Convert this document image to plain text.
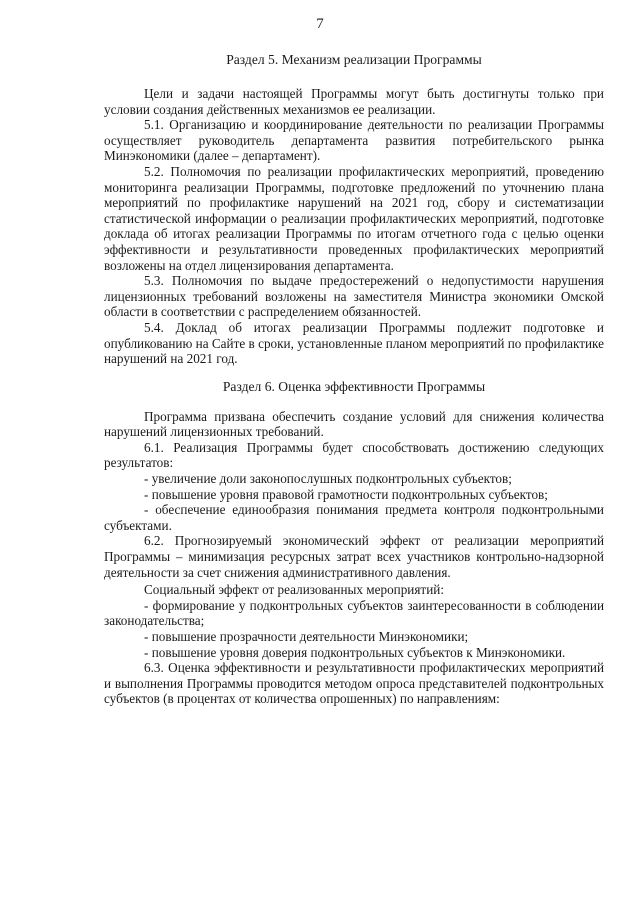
7
Раздел 5. Механизм реализации Программы

Цели и задачи настоящей Программы могут быть достигнуты только при условии создания действенных механизмов ее реализации.

5.1. Организацию и координирование деятельности по реализации Программы осуществляет руководитель департамента развития потребительского рынка Минэкономики (далее – департамент).

5.2. Полномочия по реализации профилактических мероприятий, проведению мониторинга реализации Программы, подготовке предложений по уточнению плана мероприятий по профилактике нарушений на 2021 год, сбору и систематизации статистической информации о реализации профилактических мероприятий, подготовке доклада об итогах реализации Программы по итогам отчетного года с целью оценки эффективности и результативности проведенных профилактических мероприятий возложены на отдел лицензирования департамента.

5.3. Полномочия по выдаче предостережений о недопустимости нарушения лицензионных требований возложены на заместителя Министра экономики Омской области в соответствии с распределением обязанностей.

5.4. Доклад об итогах реализации Программы подлежит подготовке и опубликованию на Сайте в сроки, установленные планом мероприятий по профилактике нарушений на 2021 год.

Раздел 6. Оценка эффективности Программы

Программа призвана обеспечить создание условий для снижения количества нарушений лицензионных требований.

6.1. Реализация Программы будет способствовать достижению следующих результатов:

- увеличение доли законопослушных подконтрольных субъектов;

- повышение уровня правовой грамотности подконтрольных субъектов;

- обеспечение единообразия понимания предмета контроля подконтрольными субъектами.

6.2. Прогнозируемый экономический эффект от реализации мероприятий Программы – минимизация ресурсных затрат всех участников контрольно-надзорной деятельности за счет снижения административного давления.

Социальный эффект от реализованных мероприятий:

- формирование у подконтрольных субъектов заинтересованности в соблюдении законодательства;

- повышение прозрачности деятельности Минэкономики;

- повышение уровня доверия подконтрольных субъектов к Минэкономики.

6.3. Оценка эффективности и результативности профилактических мероприятий и выполнения Программы проводится методом опроса представителей подконтрольных субъектов (в процентах от количества опрошенных) по направлениям:
